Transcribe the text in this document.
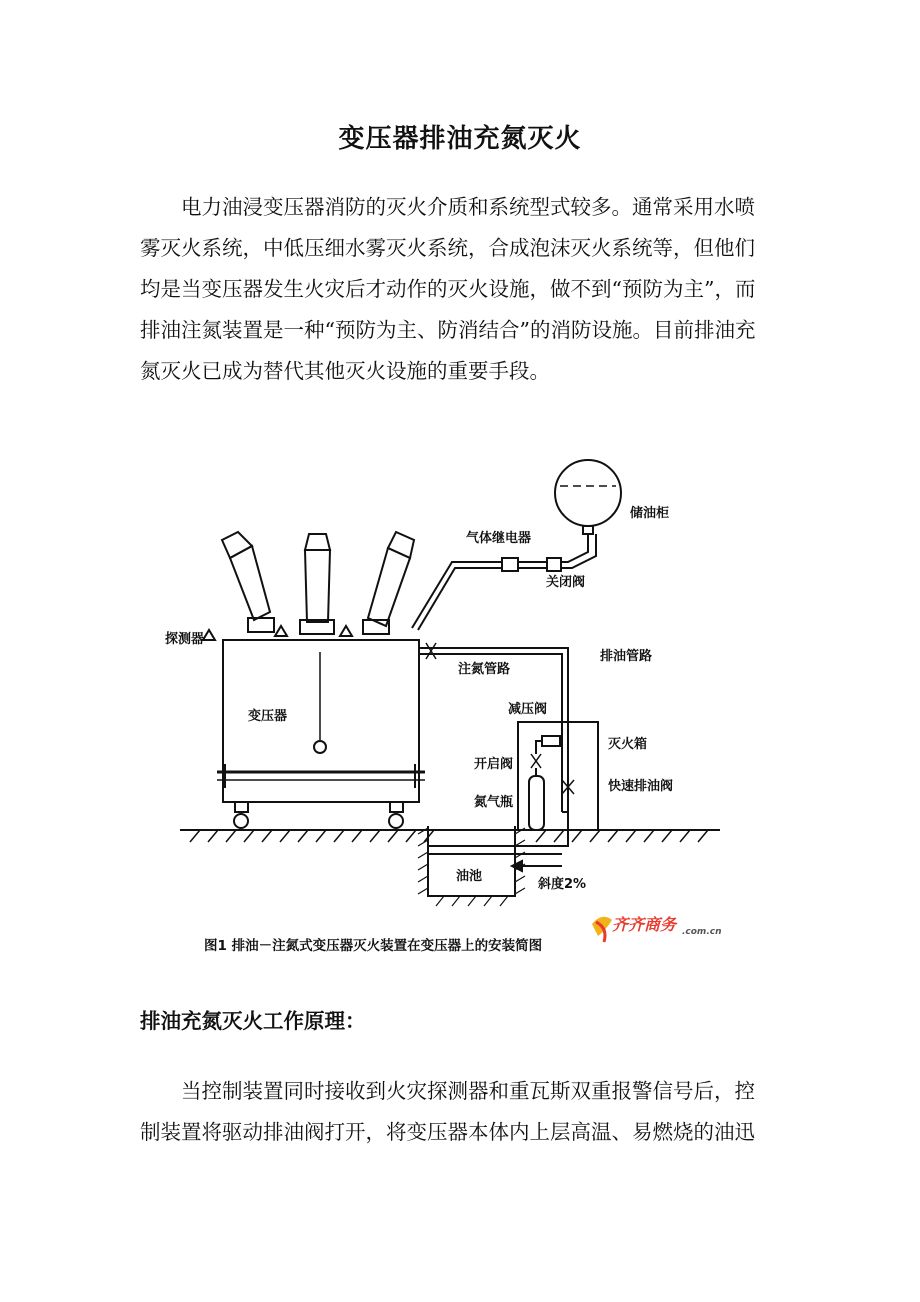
变压器排油充氮灭火
电力油浸变压器消防的灭火介质和系统型式较多。通常采用水喷
雾灭火系统，中低压细水雾灭火系统，合成泡沫灭火系统等，但他们
均是当变压器发生火灾后才动作的灭火设施，做不到“预防为主”，而
排油注氮装置是一种“预防为主、防消结合”的消防设施。目前排油充
氮灭火已成为替代其他灭火设施的重要手段。
储油柜
气体继电器
关闭阀
探测器
排油管路
注氮管路
变压器	减压阀
灭火箱
开启阀
快速排油阀
氮气瓶
油池
斜度2%
齐齐商务 .com.cn
图1 排油－注氮式变压器灭火装置在变压器上的安装简图
排油充氮灭火工作原理：
当控制装置同时接收到火灾探测器和重瓦斯双重报警信号后，控
制装置将驱动排油阀打开，将变压器本体内上层高温、易燃烧的油迅
